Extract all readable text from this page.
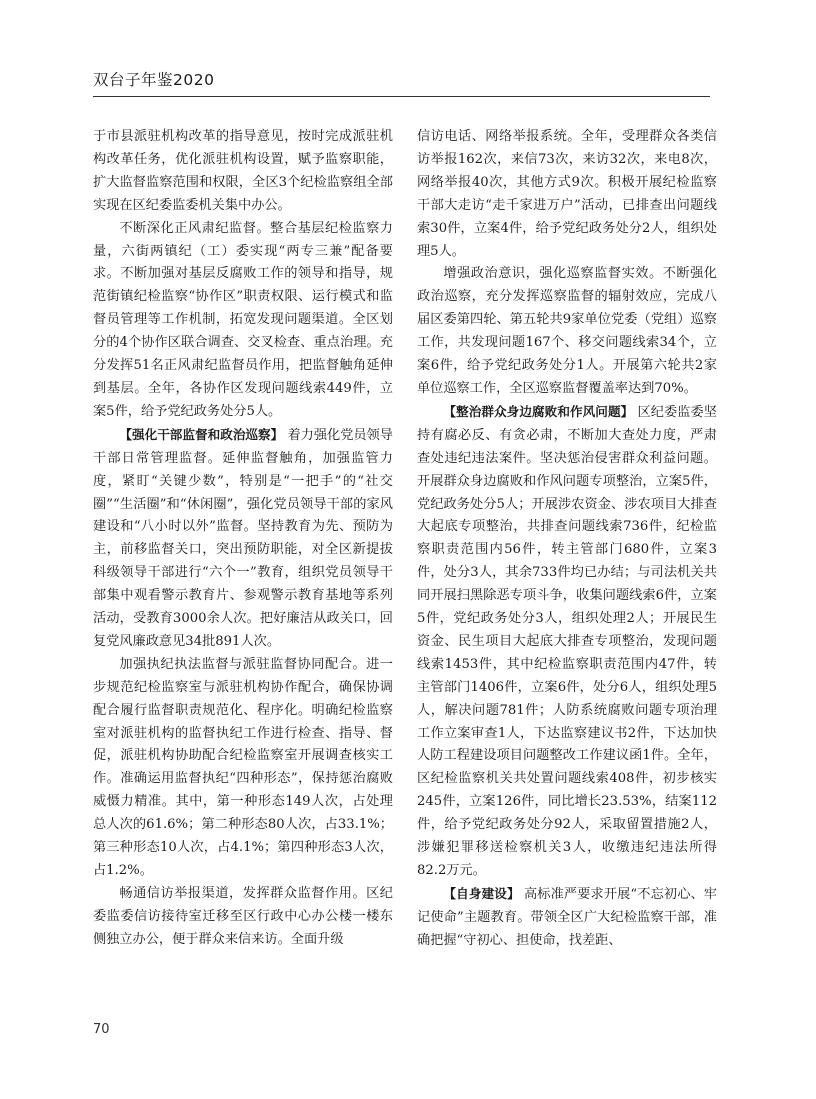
双台子年鉴2020

于市县派驻机构改革的指导意见，按时完成派驻机构改革任务，优化派驻机构设置，赋予监察职能，扩大监督监察范围和权限，全区3个纪检监察组全部实现在区纪委监委机关集中办公。

不断深化正风肃纪监督。整合基层纪检监察力量，六街两镇纪（工）委实现“两专三兼”配备要求。不断加强对基层反腐败工作的领导和指导，规范街镇纪检监察“协作区”职责权限、运行模式和监督员管理等工作机制，拓宽发现问题渠道。全区划分的4个协作区联合调查、交叉检查、重点治理。充分发挥51名正风肃纪监督员作用，把监督触角延伸到基层。全年，各协作区发现问题线索449件，立案5件，给予党纪政务处分5人。

【强化干部监督和政治巡察】 着力强化党员领导干部日常管理监督。延伸监督触角，加强监管力度，紧盯“关键少数”，特别是“一把手”的“社交圈”“生活圈”和“休闲圈”，强化党员领导干部的家风建设和“八小时以外”监督。坚持教育为先、预防为主，前移监督关口，突出预防职能，对全区新提拔科级领导干部进行“六个一”教育，组织党员领导干部集中观看警示教育片、参观警示教育基地等系列活动，受教育3000余人次。把好廉洁从政关口，回复党风廉政意见34批891人次。

加强执纪执法监督与派驻监督协同配合。进一步规范纪检监察室与派驻机构协作配合，确保协调配合履行监督职责规范化、程序化。明确纪检监察室对派驻机构的监督执纪工作进行检查、指导、督促，派驻机构协助配合纪检监察室开展调查核实工作。准确运用监督执纪“四种形态”，保持惩治腐败威慑力精准。其中，第一种形态149人次，占处理总人次的61.6%；第二种形态80人次，占33.1%；第三种形态10人次，占4.1%；第四种形态3人次，占1.2%。

畅通信访举报渠道，发挥群众监督作用。区纪委监委信访接待室迁移至区行政中心办公楼一楼东侧独立办公，便于群众来信来访。全面升级

信访电话、网络举报系统。全年，受理群众各类信访举报162次，来信73次，来访32次，来电8次，网络举报40次，其他方式9次。积极开展纪检监察干部大走访“走千家进万户”活动，已排查出问题线索30件，立案4件，给予党纪政务处分2人，组织处理5人。

增强政治意识，强化巡察监督实效。不断强化政治巡察，充分发挥巡察监督的辐射效应，完成八届区委第四轮、第五轮共9家单位党委（党组）巡察工作，共发现问题167个、移交问题线索34个，立案6件，给予党纪政务处分1人。开展第六轮共2家单位巡察工作，全区巡察监督覆盖率达到70%。

【整治群众身边腐败和作风问题】 区纪委监委坚持有腐必反、有贪必肃，不断加大查处力度，严肃查处违纪违法案件。坚决惩治侵害群众利益问题。开展群众身边腐败和作风问题专项整治，立案5件，党纪政务处分5人；开展涉农资金、涉农项目大排查大起底专项整治，共排查问题线索736件，纪检监察职责范围内56件，转主管部门680件，立案3件，处分3人，其余733件均已办结；与司法机关共同开展扫黑除恶专项斗争，收集问题线索6件，立案5件，党纪政务处分3人，组织处理2人；开展民生资金、民生项目大起底大排查专项整治，发现问题线索1453件，其中纪检监察职责范围内47件，转主管部门1406件，立案6件，处分6人，组织处理5人，解决问题781件；人防系统腐败问题专项治理工作立案审查1人，下达监察建议书2件，下达加快人防工程建设项目问题整改工作建议函1件。全年，区纪检监察机关共处置问题线索408件，初步核实245件，立案126件，同比增长23.53%，结案112件，给予党纪政务处分92人，采取留置措施2人，涉嫌犯罪移送检察机关3人，收缴违纪违法所得82.2万元。

【自身建设】 高标准严要求开展“不忘初心、牢记使命”主题教育。带领全区广大纪检监察干部，准确把握“守初心、担使命，找差距、

70
